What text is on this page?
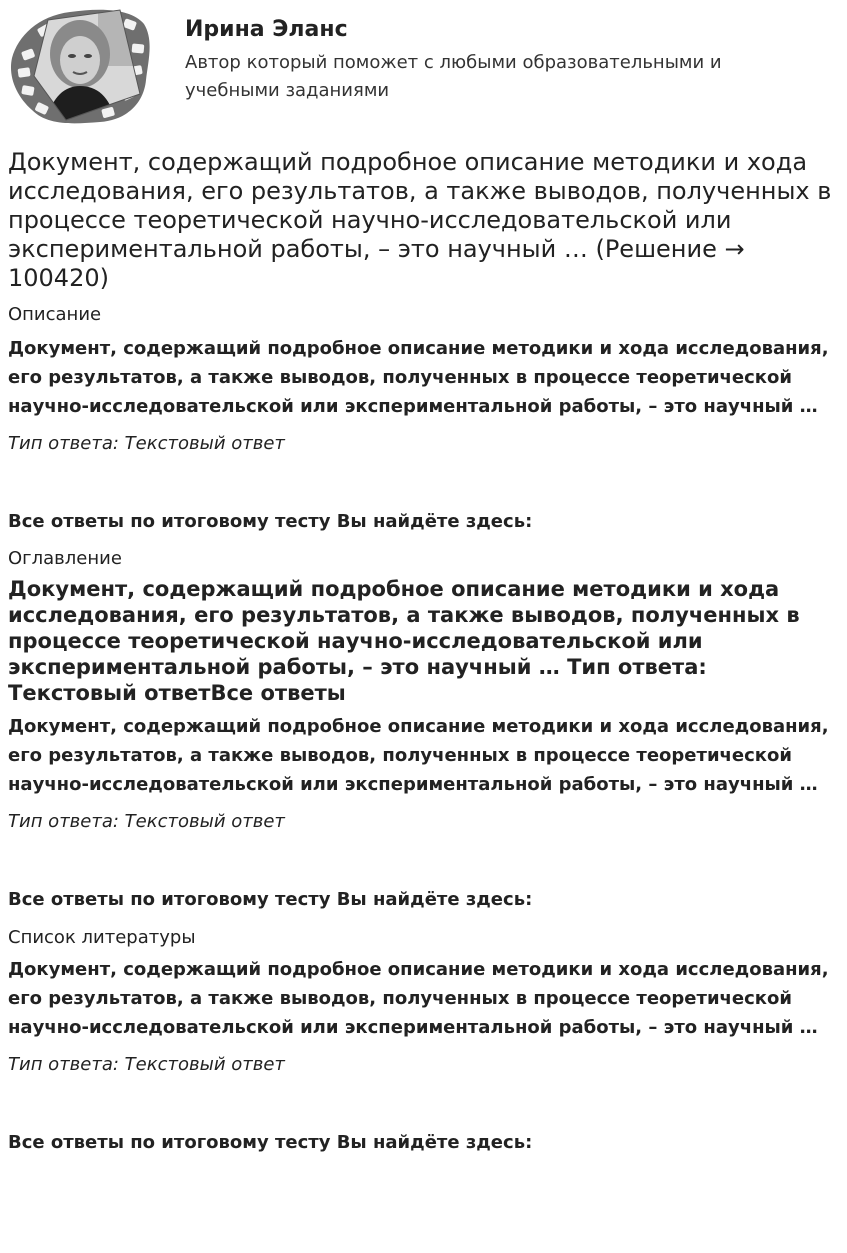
Ирина Эланс
Автор который поможет с любыми образовательными и учебными заданиями
Документ, содержащий подробное описание методики и хода исследования, его результатов, а также выводов, полученных в процессе теоретической научно-исследовательской или экспериментальной работы, – это научный … (Решение → 100420)

Описание

Документ, содержащий подробное описание методики и хода исследования, его результатов, а также выводов, полученных в процессе теоретической научно-исследовательской или экспериментальной работы, – это научный …

Тип ответа: Текстовый ответ

Все ответы по итоговому тесту Вы найдёте здесь:

Оглавление

Документ, содержащий подробное описание методики и хода исследования, его результатов, а также выводов, полученных в процессе теоретической научно-исследовательской или экспериментальной работы, – это научный … Тип ответа: Текстовый ответВсе ответы

Документ, содержащий подробное описание методики и хода исследования, его результатов, а также выводов, полученных в процессе теоретической научно-исследовательской или экспериментальной работы, – это научный …

Тип ответа: Текстовый ответ

Все ответы по итоговому тесту Вы найдёте здесь:

Список литературы

Документ, содержащий подробное описание методики и хода исследования, его результатов, а также выводов, полученных в процессе теоретической научно-исследовательской или экспериментальной работы, – это научный …

Тип ответа: Текстовый ответ

Все ответы по итоговому тесту Вы найдёте здесь:
